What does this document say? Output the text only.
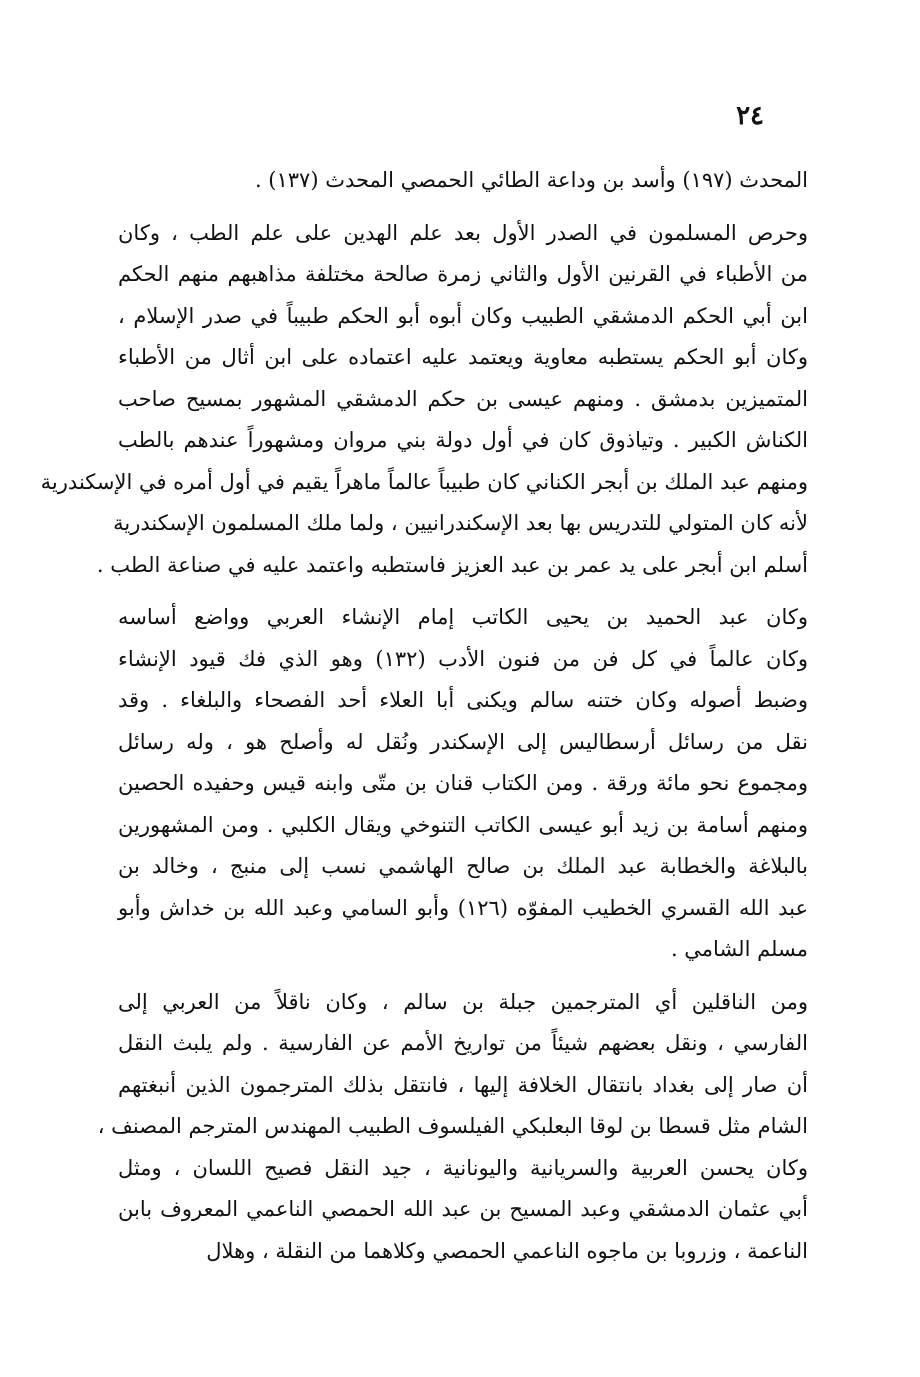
٢٤
المحدث (١٩٧) وأسد بن وداعة الطائي الحمصي المحدث (١٣٧) .
وحرص المسلمون في الصدر الأول بعد علم الهدين على علم الطب ، وكان
من الأطباء في القرنين الأول والثاني زمرة صالحة مختلفة مذاهبهم منهم الحكم
ابن أبي الحكم الدمشقي الطبيب وكان أبوه أبو الحكم طبيباً في صدر الإسلام ،
وكان أبو الحكم يستطبه معاوية ويعتمد عليه اعتماده على ابن أثال من الأطباء
المتميزين بدمشق . ومنهم عيسى بن حكم الدمشقي المشهور بمسيح صاحب
الكناش الكبير . وتياذوق كان في أول دولة بني مروان ومشهوراً عندهم بالطب
ومنهم عبد الملك بن أبجر الكناني كان طبيباً عالماً ماهراً يقيم في أول أمره في الإسكندرية
لأنه كان المتولي للتدريس بها بعد الإسكندرانيين ، ولما ملك المسلمون الإسكندرية
أسلم ابن أبجر على يد عمر بن عبد العزيز فاستطبه واعتمد عليه في صناعة الطب .
وكان عبد الحميد بن يحيى الكاتب إمام الإنشاء العربي وواضع أساسه
وكان عالماً في كل فن من فنون الأدب (١٣٢) وهو الذي فك قيود الإنشاء
وضبط أصوله وكان ختنه سالم ويكنى أبا العلاء أحد الفصحاء والبلغاء . وقد
نقل من رسائل أرسطاليس إلى الإسكندر ونُقل له وأصلح هو ، وله رسائل
ومجموع نحو مائة ورقة . ومن الكتاب قنان بن متّى وابنه قيس وحفيده الحصين
ومنهم أسامة بن زيد أبو عيسى الكاتب التنوخي ويقال الكلبي . ومن المشهورين
بالبلاغة والخطابة عبد الملك بن صالح الهاشمي نسب إلى منبج ، وخالد بن
عبد الله القسري الخطيب المفوّه (١٢٦) وأبو السامي وعبد الله بن خداش وأبو
مسلم الشامي .
ومن الناقلين أي المترجمين جبلة بن سالم ، وكان ناقلاً من العربي إلى
الفارسي ، ونقل بعضهم شيئاً من تواريخ الأمم عن الفارسية . ولم يلبث النقل
أن صار إلى بغداد بانتقال الخلافة إليها ، فانتقل بذلك المترجمون الذين أنبغتهم
الشام مثل قسطا بن لوقا البعلبكي الفيلسوف الطبيب المهندس المترجم المصنف ،
وكان يحسن العربية والسريانية واليونانية ، جيد النقل فصيح اللسان ، ومثل
أبي عثمان الدمشقي وعبد المسيح بن عبد الله الحمصي الناعمي المعروف بابن
الناعمة ، وزروبا بن ماجوه الناعمي الحمصي وكلاهما من النقلة ، وهلال
